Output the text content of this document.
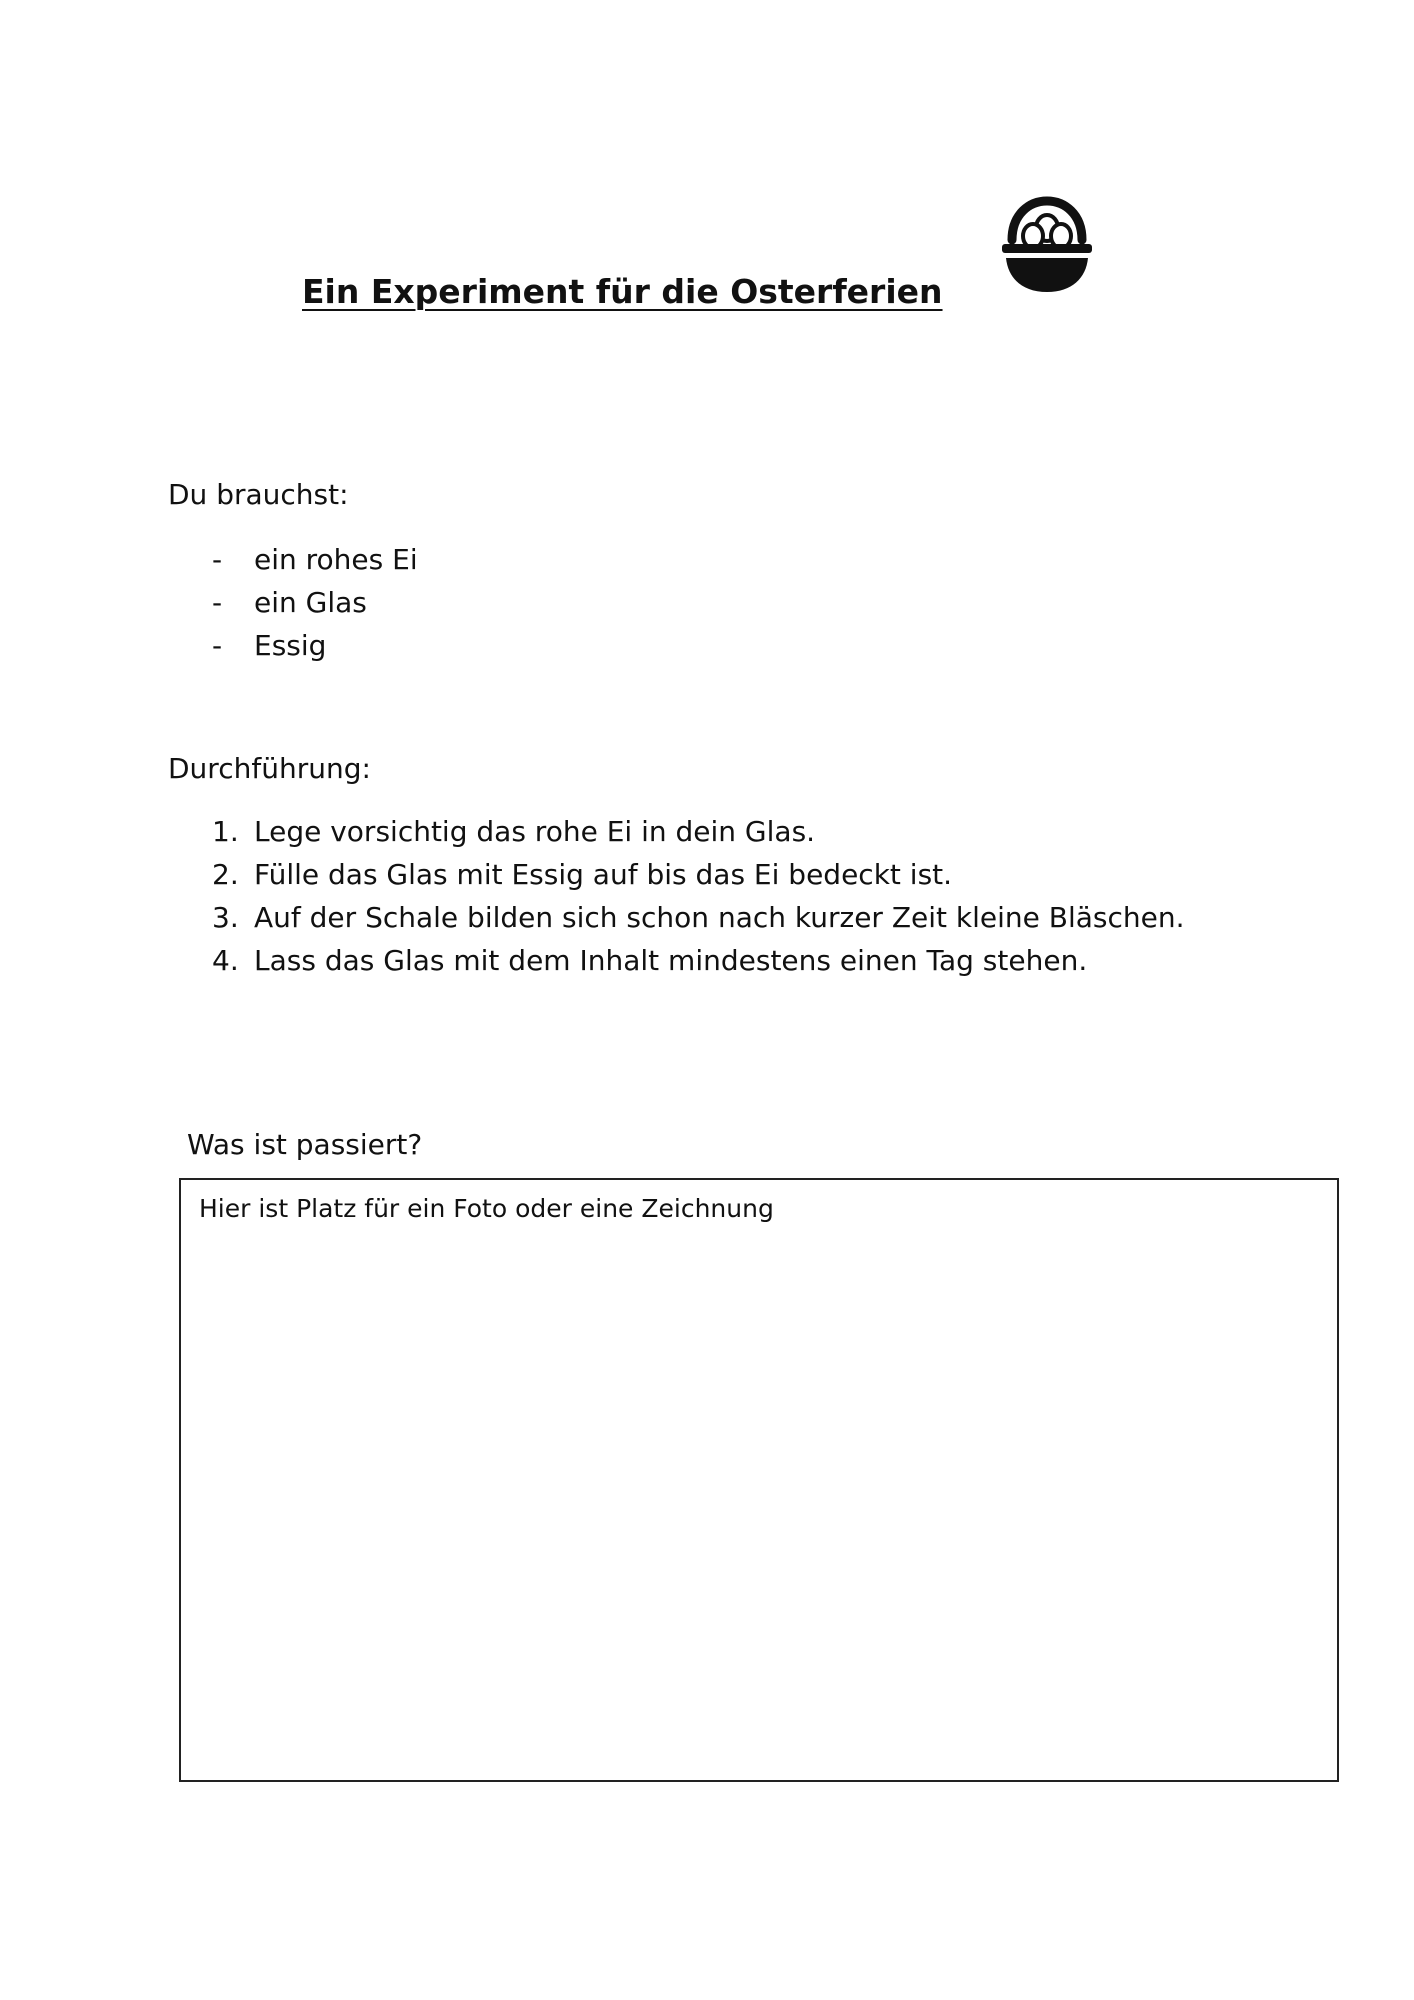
Ein Experiment für die Osterferien
Du brauchst:
-	ein rohes Ei
-	ein Glas
-	Essig
Durchführung:
1. Lege vorsichtig das rohe Ei in dein Glas.
2. Fülle das Glas mit Essig auf bis das Ei bedeckt ist.
3. Auf der Schale bilden sich schon nach kurzer Zeit kleine Bläschen.
4. Lass das Glas mit dem Inhalt mindestens einen Tag stehen.
Was ist passiert?
Hier ist Platz für ein Foto oder eine Zeichnung
